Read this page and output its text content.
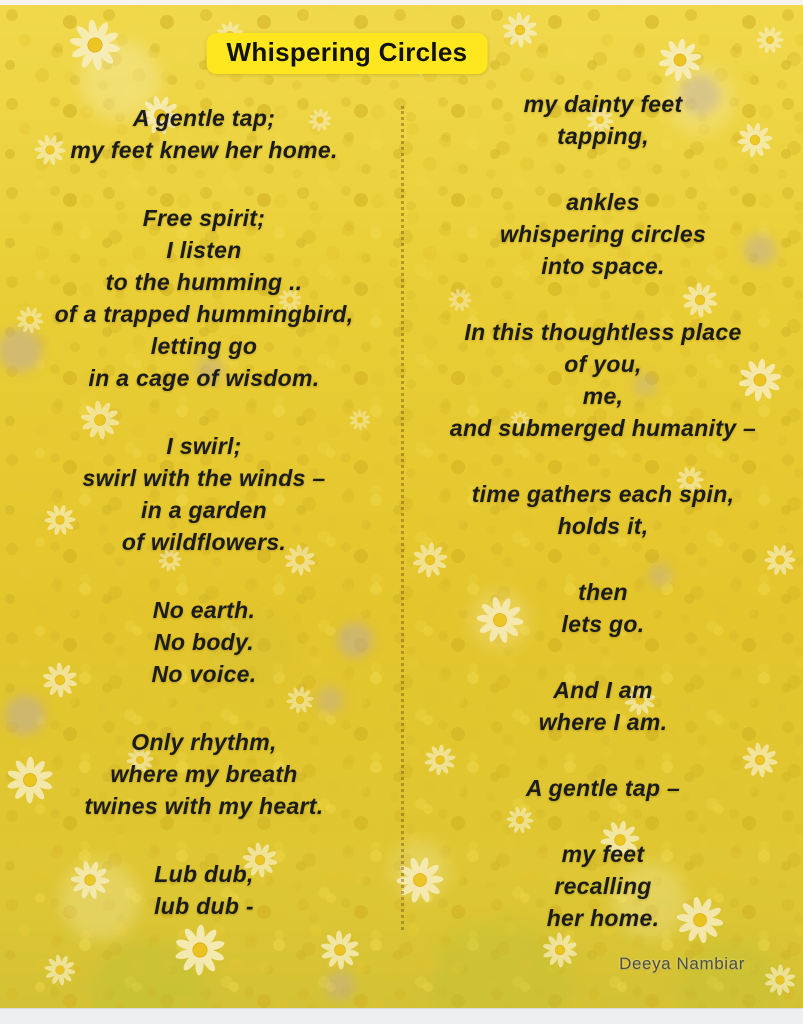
Whispering Circles
A gentle tap;
my feet knew her home.
Free spirit;
I listen
to the humming ..
of a trapped hummingbird,
letting go
in a cage of wisdom.
I swirl;
swirl with the winds –
in a garden
of wildflowers.
No earth.
No body.
No voice.
Only rhythm,
where my breath
twines with my heart.
Lub dub,
lub dub -
my dainty feet
tapping,
ankles
whispering circles
into space.
In this thoughtless place
of you,
me,
and submerged humanity –
time gathers each spin,
holds it,
then
lets go.
And I am
where I am.
A gentle tap –
my feet
recalling
her home.
Deeya Nambiar
